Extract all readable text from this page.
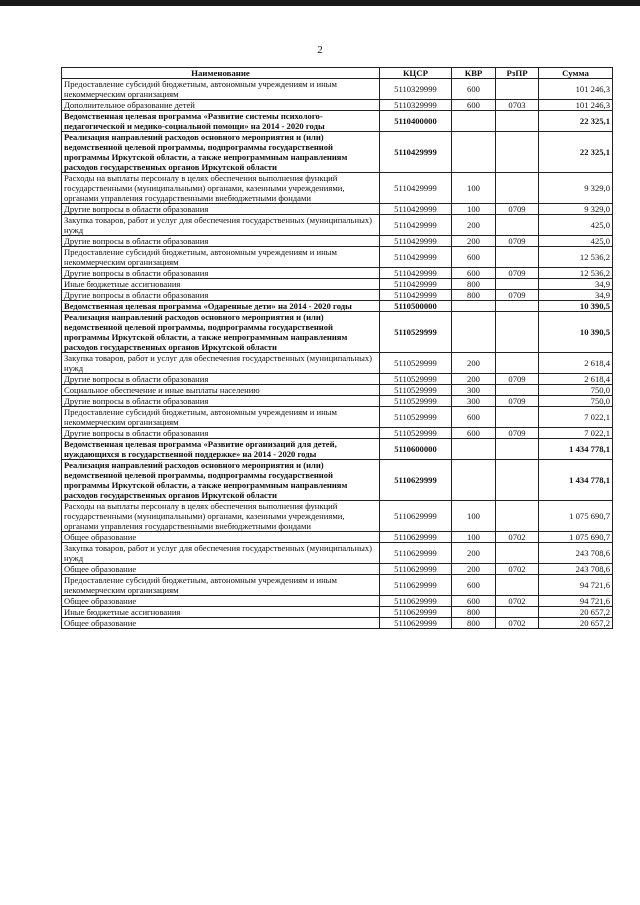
2
Наименование	КЦСР	КВР	РзПР	Сумма
Предоставление субсидий бюджетным, автономным учреждениям и иным некоммерческим организациям	5110329999	600		101 246,3
Дополнительное образование детей	5110329999	600	0703	101 246,3
Ведомственная целевая программа «Развитие системы психолого-педагогической и медико-социальной помощи» на 2014 - 2020 годы	5110400000			22 325,1
Реализация направлений расходов основного мероприятия и (или) ведомственной целевой программы, подпрограммы государственной программы Иркутской области, а также непрограммным направлениям расходов государственных органов Иркутской области	5110429999			22 325,1
Расходы на выплаты персоналу в целях обеспечения выполнения функций государственными (муниципальными) органами, казенными учреждениями, органами управления государственными внебюджетными фондами	5110429999	100		9 329,0
Другие вопросы в области образования	5110429999	100	0709	9 329,0
Закупка товаров, работ и услуг для обеспечения государственных (муниципальных) нужд	5110429999	200		425,0
Другие вопросы в области образования	5110429999	200	0709	425,0
Предоставление субсидий бюджетным, автономным учреждениям и иным некоммерческим организациям	5110429999	600		12 536,2
Другие вопросы в области образования	5110429999	600	0709	12 536,2
Иные бюджетные ассигнования	5110429999	800		34,9
Другие вопросы в области образования	5110429999	800	0709	34,9
Ведомственная целевая программа «Одаренные дети» на 2014 - 2020 годы	5110500000			10 390,5
Реализация направлений расходов основного мероприятия и (или) ведомственной целевой программы, подпрограммы государственной программы Иркутской области, а также непрограммным направлениям расходов государственных органов Иркутской области	5110529999			10 390,5
Закупка товаров, работ и услуг для обеспечения государственных (муниципальных) нужд	5110529999	200		2 618,4
Другие вопросы в области образования	5110529999	200	0709	2 618,4
Социальное обеспечение и иные выплаты населению	5110529999	300		750,0
Другие вопросы в области образования	5110529999	300	0709	750,0
Предоставление субсидий бюджетным, автономным учреждениям и иным некоммерческим организациям	5110529999	600		7 022,1
Другие вопросы в области образования	5110529999	600	0709	7 022,1
Ведомственная целевая программа «Развитие организаций для детей, нуждающихся в государственной поддержке» на 2014 - 2020 годы	5110600000			1 434 778,1
Реализация направлений расходов основного мероприятия и (или) ведомственной целевой программы, подпрограммы государственной программы Иркутской области, а также непрограммным направлениям расходов государственных органов Иркутской области	5110629999			1 434 778,1
Расходы на выплаты персоналу в целях обеспечения выполнения функций государственными (муниципальными) органами, казенными учреждениями, органами управления государственными внебюджетными фондами	5110629999	100		1 075 690,7
Общее образование	5110629999	100	0702	1 075 690,7
Закупка товаров, работ и услуг для обеспечения государственных (муниципальных) нужд	5110629999	200		243 708,6
Общее образование	5110629999	200	0702	243 708,6
Предоставление субсидий бюджетным, автономным учреждениям и иным некоммерческим организациям	5110629999	600		94 721,6
Общее образование	5110629999	600	0702	94 721,6
Иные бюджетные ассигнования	5110629999	800		20 657,2
Общее образование	5110629999	800	0702	20 657,2
